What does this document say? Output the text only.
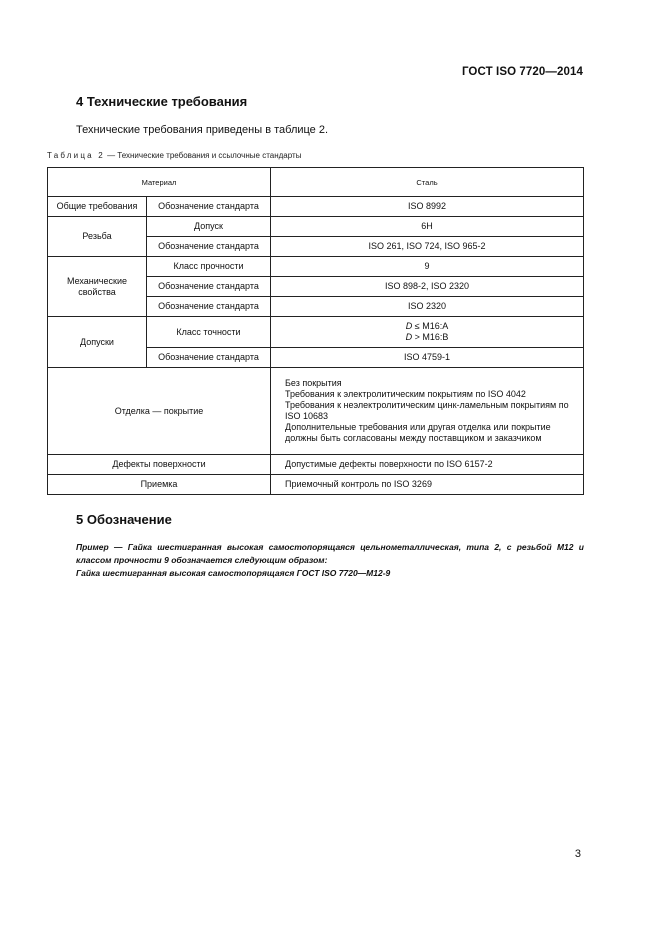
ГОСТ ISO 7720—2014
4 Технические требования
Технические требования приведены в таблице 2.
Таблица 2 — Технические требования и ссылочные стандарты
Материал		Сталь
Общие требования	Обозначение стандарта	ISO 8992
Резьба	Допуск	6H
	Обозначение стандарта	ISO 261, ISO 724, ISO 965-2
Механические свойства	Класс прочности	9
	Обозначение стандарта	ISO 898-2, ISO 2320
	Обозначение стандарта	ISO 2320
Допуски	Класс точности	D ≤ M16:A
D > M16:B

	Обозначение стандарта	ISO 4759-1
Отделка — покрытие		Без покрытия
Требования к электролитическим покрытиям по ISO 4042
Требования к неэлектролитическим цинк-ламельным покрытиям по ISO 10683
Дополнительные требования или другая отделка или покрытие должны быть согласованы между поставщиком и заказчиком

Дефекты поверхности		Допустимые дефекты поверхности по ISO 6157-2
Приемка		Приемочный контроль по ISO 3269
5 Обозначение

Пример — Гайка шестигранная высокая самостопорящаяся цельнометаллическая, типа 2, с резьбой М12 и классом прочности 9 обозначается следующим образом:

Гайка шестигранная высокая самостопорящаяся ГОСТ ISO 7720—М12-9

3
